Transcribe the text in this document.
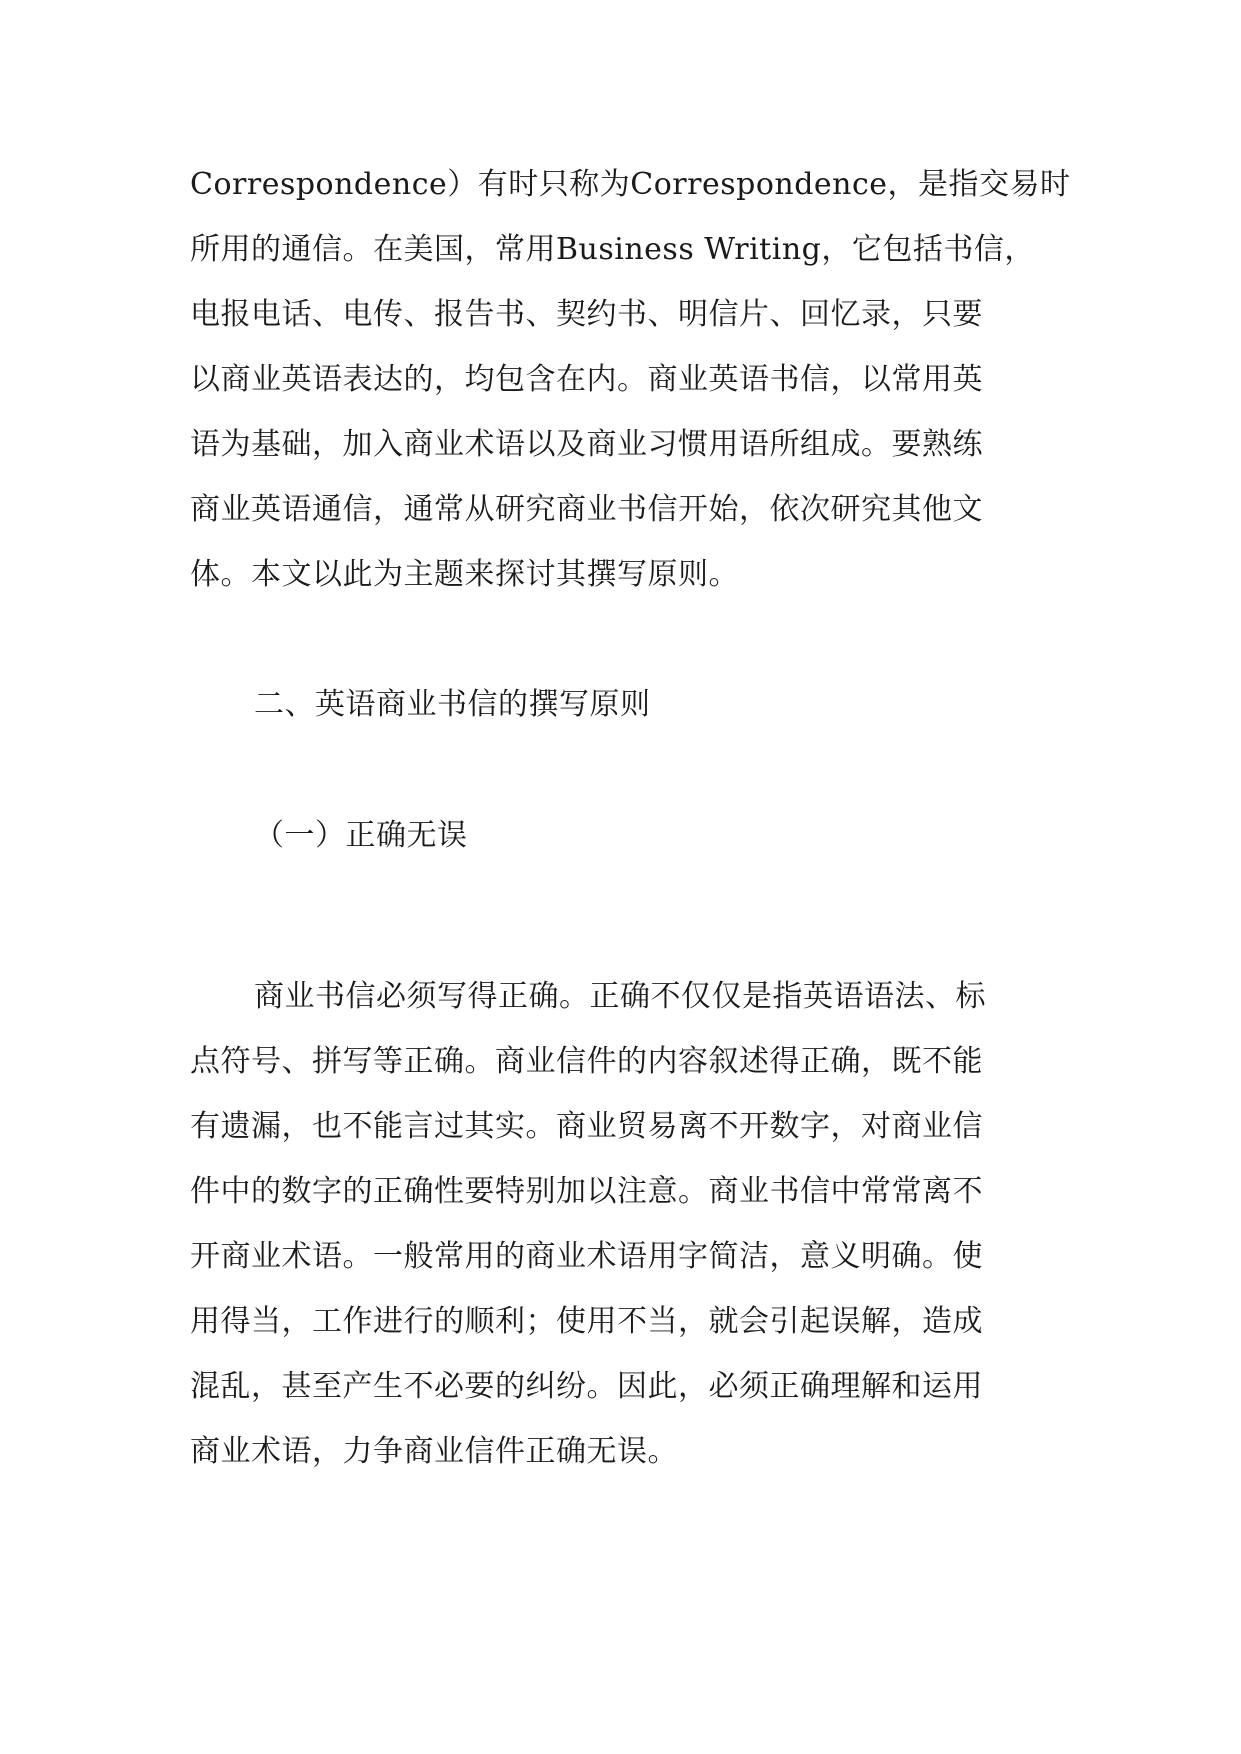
Correspondence）有时只称为Correspondence，是指交易时
所用的通信。在美国，常用Business Writing，它包括书信，
电报电话、电传、报告书、契约书、明信片、回忆录，只要
以商业英语表达的，均包含在内。商业英语书信，以常用英
语为基础，加入商业术语以及商业习惯用语所组成。要熟练
商业英语通信，通常从研究商业书信开始，依次研究其他文
体。本文以此为主题来探讨其撰写原则。
二、英语商业书信的撰写原则
（一）正确无误
商业书信必须写得正确。正确不仅仅是指英语语法、标
点符号、拼写等正确。商业信件的内容叙述得正确，既不能
有遗漏，也不能言过其实。商业贸易离不开数字，对商业信
件中的数字的正确性要特别加以注意。商业书信中常常离不
开商业术语。一般常用的商业术语用字简洁，意义明确。使
用得当，工作进行的顺利；使用不当，就会引起误解，造成
混乱，甚至产生不必要的纠纷。因此，必须正确理解和运用
商业术语，力争商业信件正确无误。
